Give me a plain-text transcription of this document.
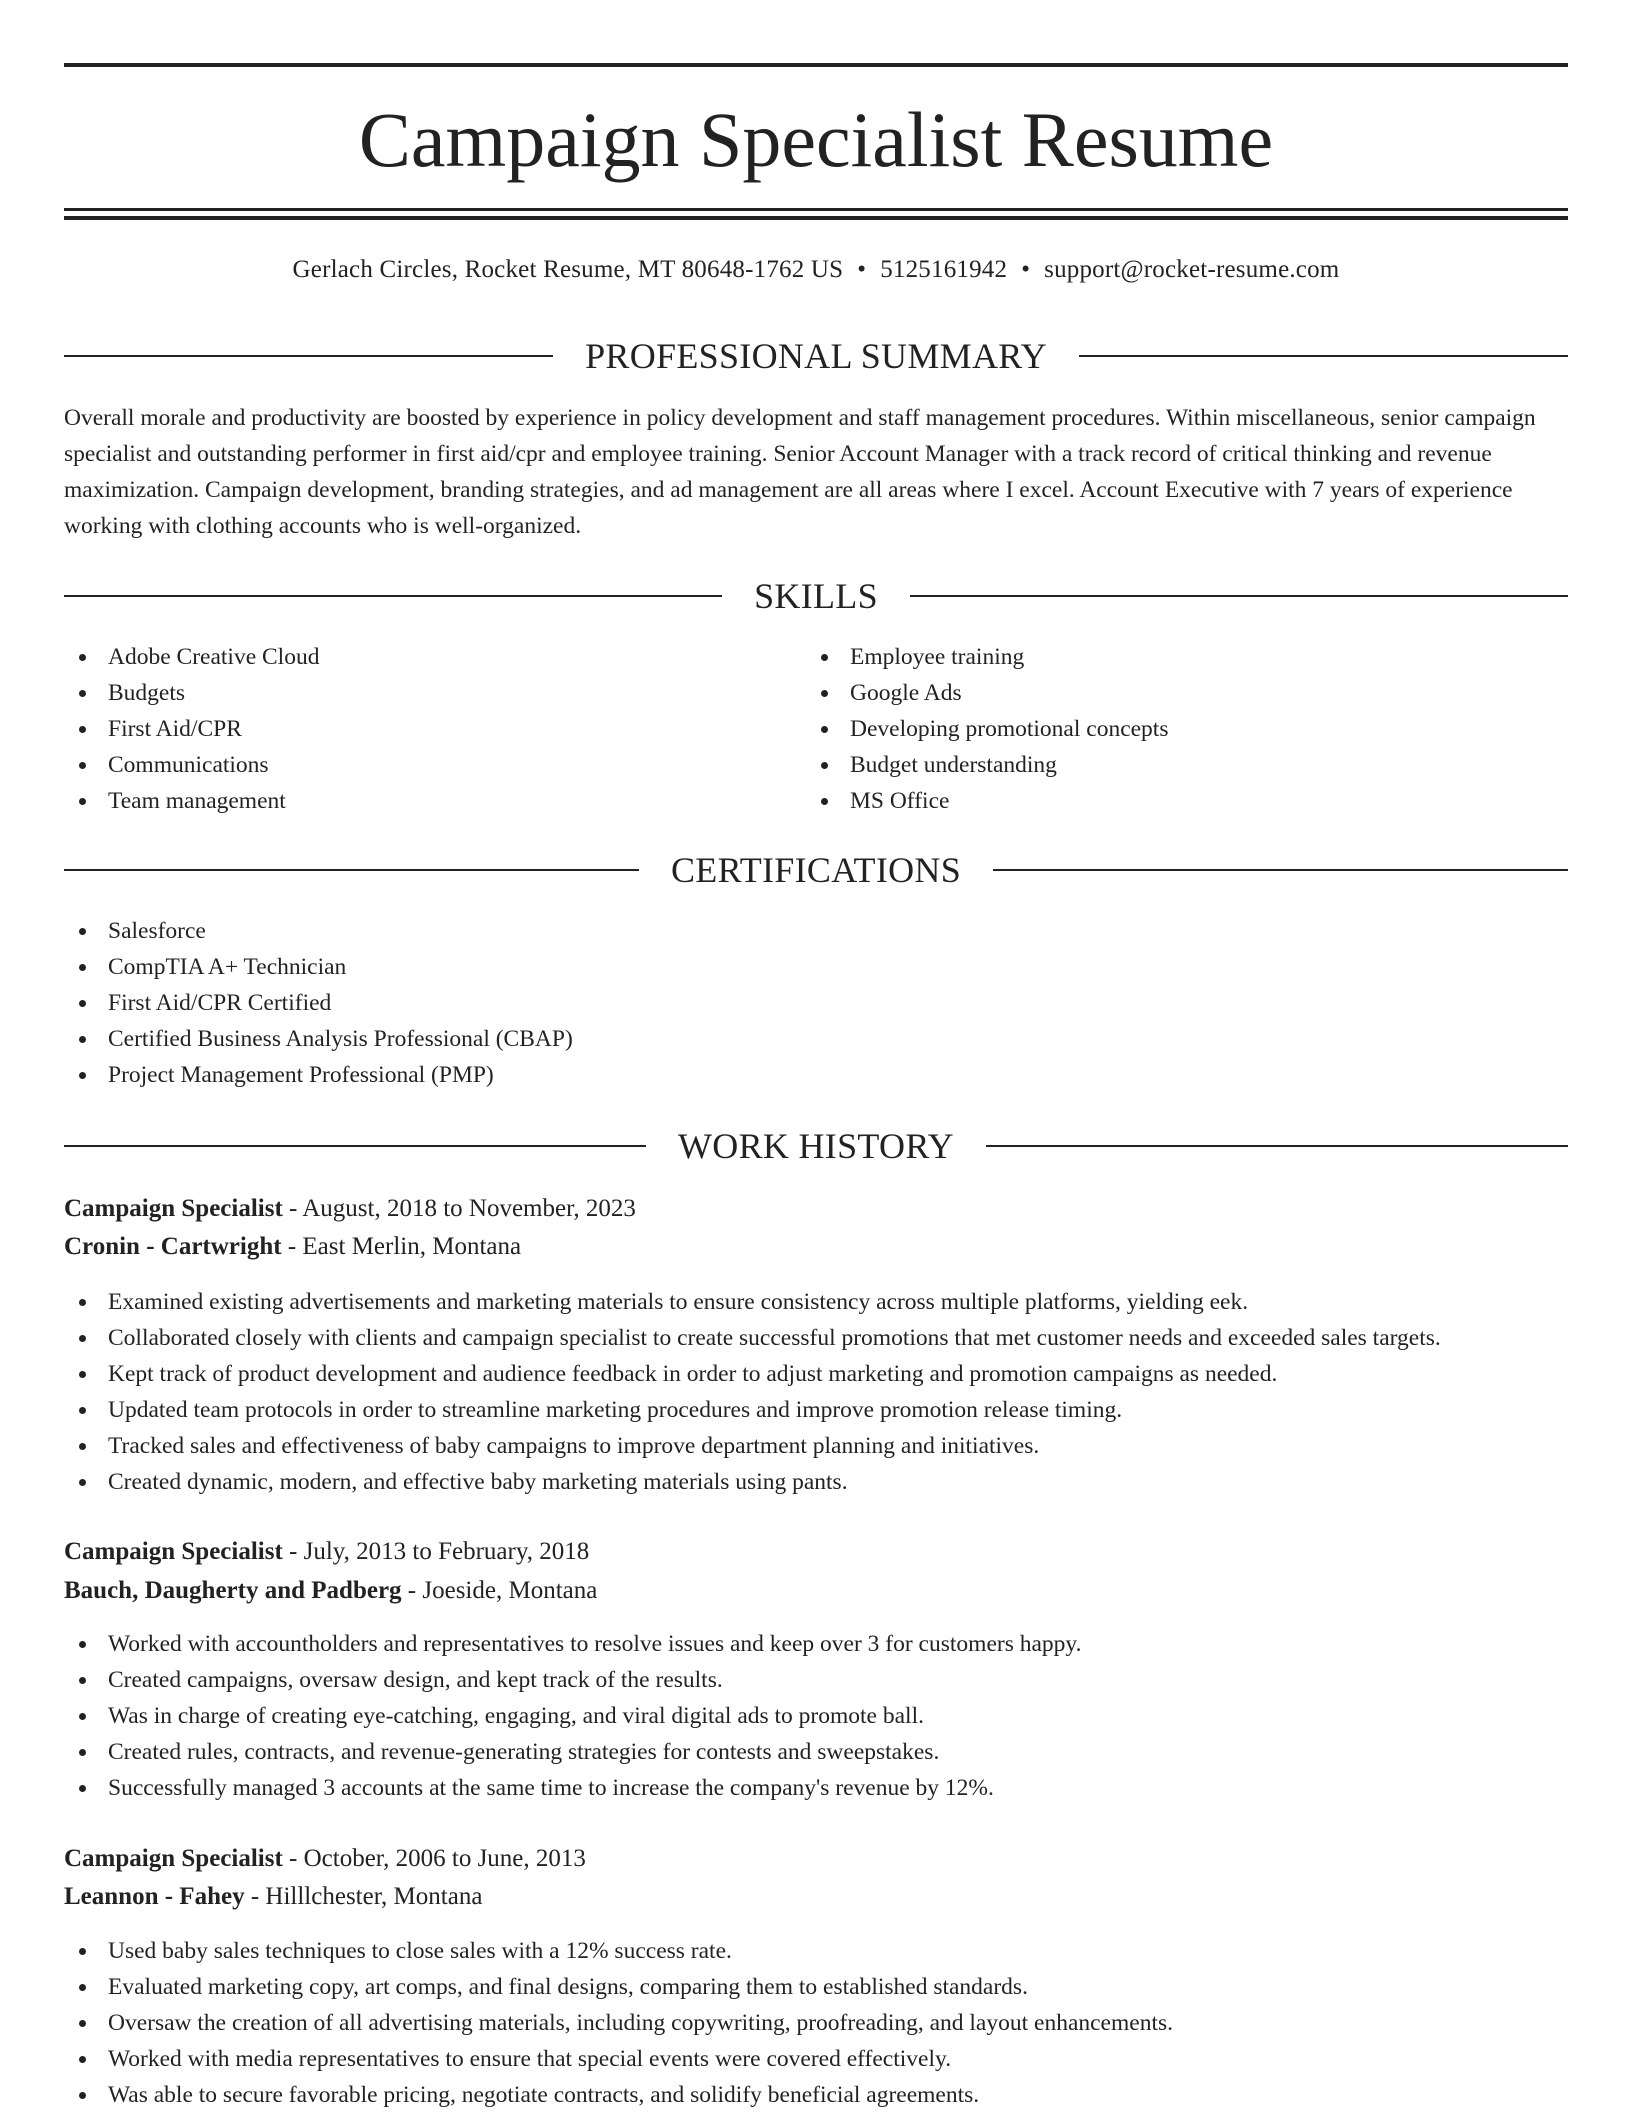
Campaign Specialist Resume
Gerlach Circles, Rocket Resume, MT 80648-1762 US • 5125161942 • support@rocket-resume.com
PROFESSIONAL SUMMARY

Overall morale and productivity are boosted by experience in policy development and staff management procedures. Within miscellaneous, senior campaign specialist and outstanding performer in first aid/cpr and employee training. Senior Account Manager with a track record of critical thinking and revenue maximization. Campaign development, branding strategies, and ad management are all areas where I excel. Account Executive with 7 years of experience working with clothing accounts who is well-organized.

SKILLS
Adobe Creative Cloud
Budgets
First Aid/CPR
Communications
Team management
Employee training
Google Ads
Developing promotional concepts
Budget understanding
MS Office
CERTIFICATIONS
Salesforce
CompTIA A+ Technician
First Aid/CPR Certified
Certified Business Analysis Professional (CBAP)
Project Management Professional (PMP)
WORK HISTORY
Campaign Specialist - August, 2018 to November, 2023
Cronin - Cartwright - East Merlin, Montana
Examined existing advertisements and marketing materials to ensure consistency across multiple platforms, yielding eek.
Collaborated closely with clients and campaign specialist to create successful promotions that met customer needs and exceeded sales targets.
Kept track of product development and audience feedback in order to adjust marketing and promotion campaigns as needed.
Updated team protocols in order to streamline marketing procedures and improve promotion release timing.
Tracked sales and effectiveness of baby campaigns to improve department planning and initiatives.
Created dynamic, modern, and effective baby marketing materials using pants.
Campaign Specialist - July, 2013 to February, 2018
Bauch, Daugherty and Padberg - Joeside, Montana
Worked with accountholders and representatives to resolve issues and keep over 3 for customers happy.
Created campaigns, oversaw design, and kept track of the results.
Was in charge of creating eye-catching, engaging, and viral digital ads to promote ball.
Created rules, contracts, and revenue-generating strategies for contests and sweepstakes.
Successfully managed 3 accounts at the same time to increase the company's revenue by 12%.
Campaign Specialist - October, 2006 to June, 2013
Leannon - Fahey - Hilllchester, Montana
Used baby sales techniques to close sales with a 12% success rate.
Evaluated marketing copy, art comps, and final designs, comparing them to established standards.
Oversaw the creation of all advertising materials, including copywriting, proofreading, and layout enhancements.
Worked with media representatives to ensure that special events were covered effectively.
Was able to secure favorable pricing, negotiate contracts, and solidify beneficial agreements.
